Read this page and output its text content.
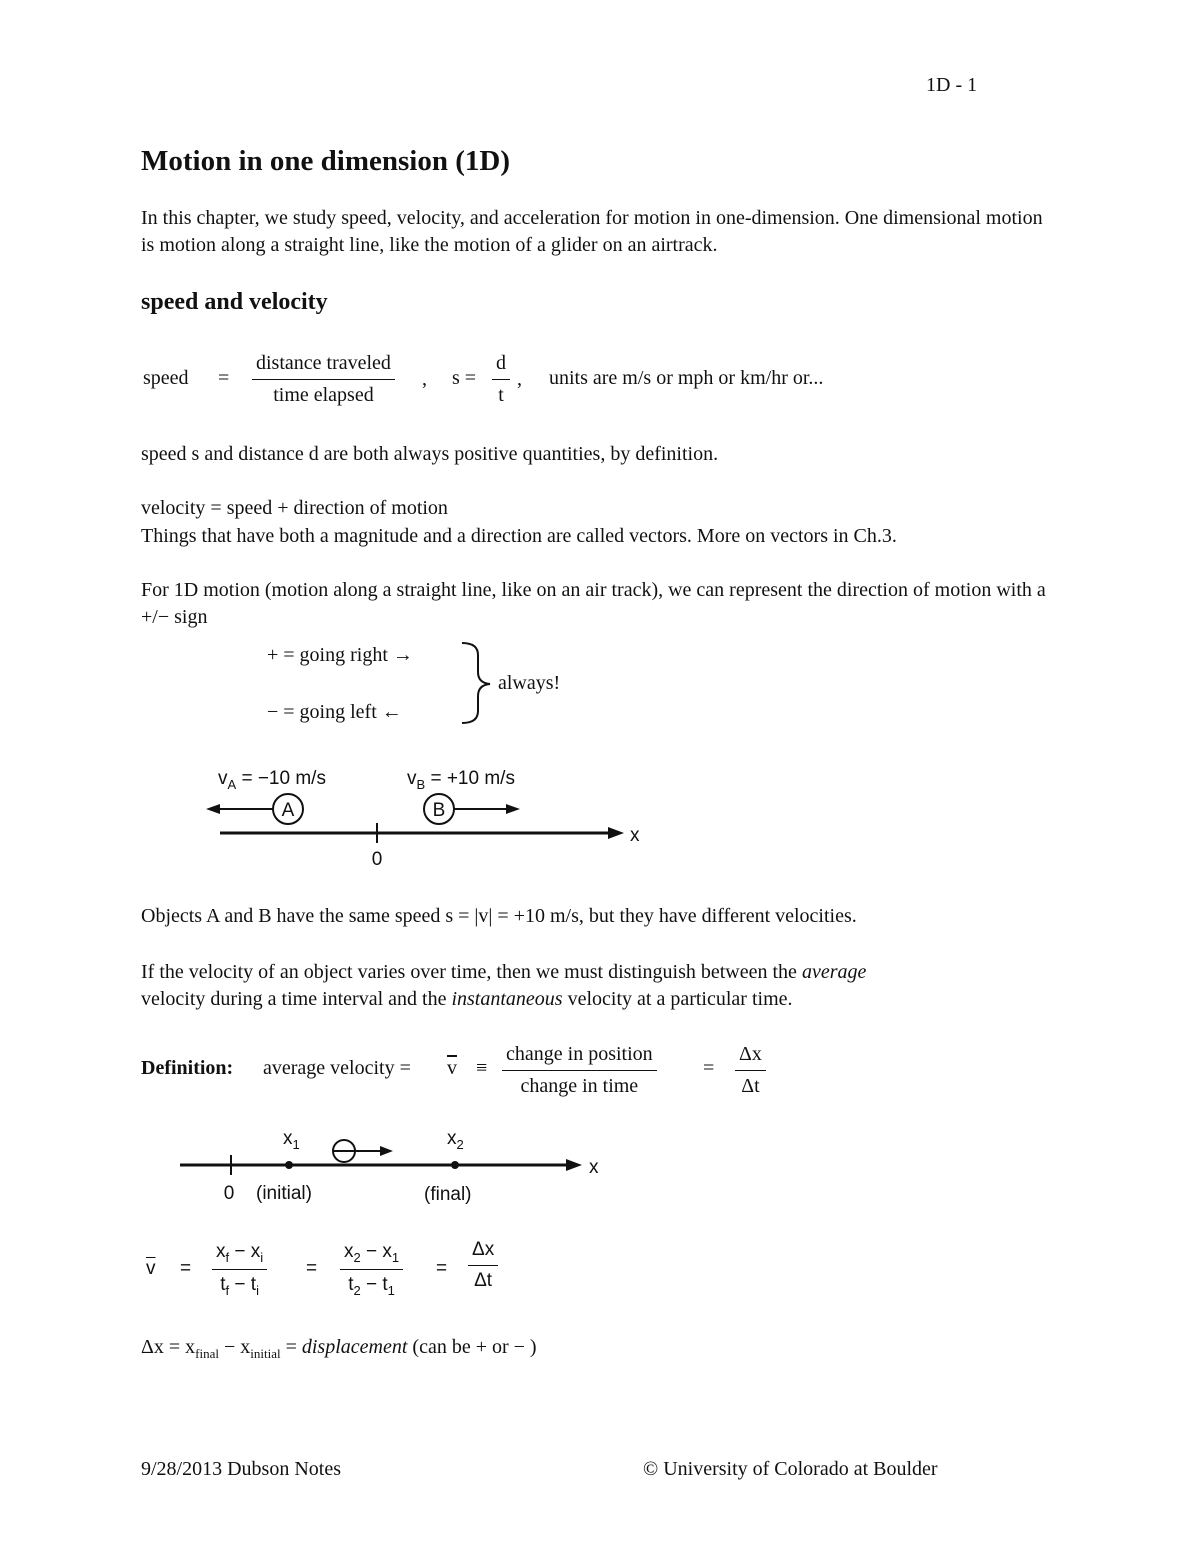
1D - 1
Motion in one dimension (1D)
In this chapter, we study speed, velocity, and acceleration for motion in one-dimension. One dimensional motion is motion along a straight line, like the motion of a glider on an airtrack.
speed and velocity
speed = $\frac{\text{distance traveled}}{\text{time elapsed}}$ , $s = \frac{d}{t}$ , units are m/s or mph or km/hr or...
speed s and distance d are both always positive quantities, by definition.
velocity = speed + direction of motion
Things that have both a magnitude and a direction are called vectors. More on vectors in Ch.3.
For 1D motion (motion along a straight line, like on an air track), we can represent the direction of motion with a +/− sign
+ = going right →
− = going left ←
always!
$v_A = -10$ m/s	$v_B = +10$ m/s
A	B
x
0
Objects A and B have the same speed s = |v| = +10 m/s, but they have different velocities.
If the velocity of an object varies over time, then we must distinguish between the average
velocity during a time interval and the instantaneous velocity at a particular time.
Definition: average velocity = $\overline{v} \equiv \frac{\text{change in position}}{\text{change in time}} = \frac{\Delta x}{\Delta t}$
$x_1$	$x_2$
x
0 (initial)	(final)
$\overline{v} = \frac{x_f - x_i}{t_f - t_i} = \frac{x_2 - x_1}{t_2 - t_1} = \frac{\Delta x}{\Delta t}$
$\Delta x = x_{final} - x_{initial}$ = displacement (can be + or − )
9/28/2013 Dubson Notes	© University of Colorado at Boulder
